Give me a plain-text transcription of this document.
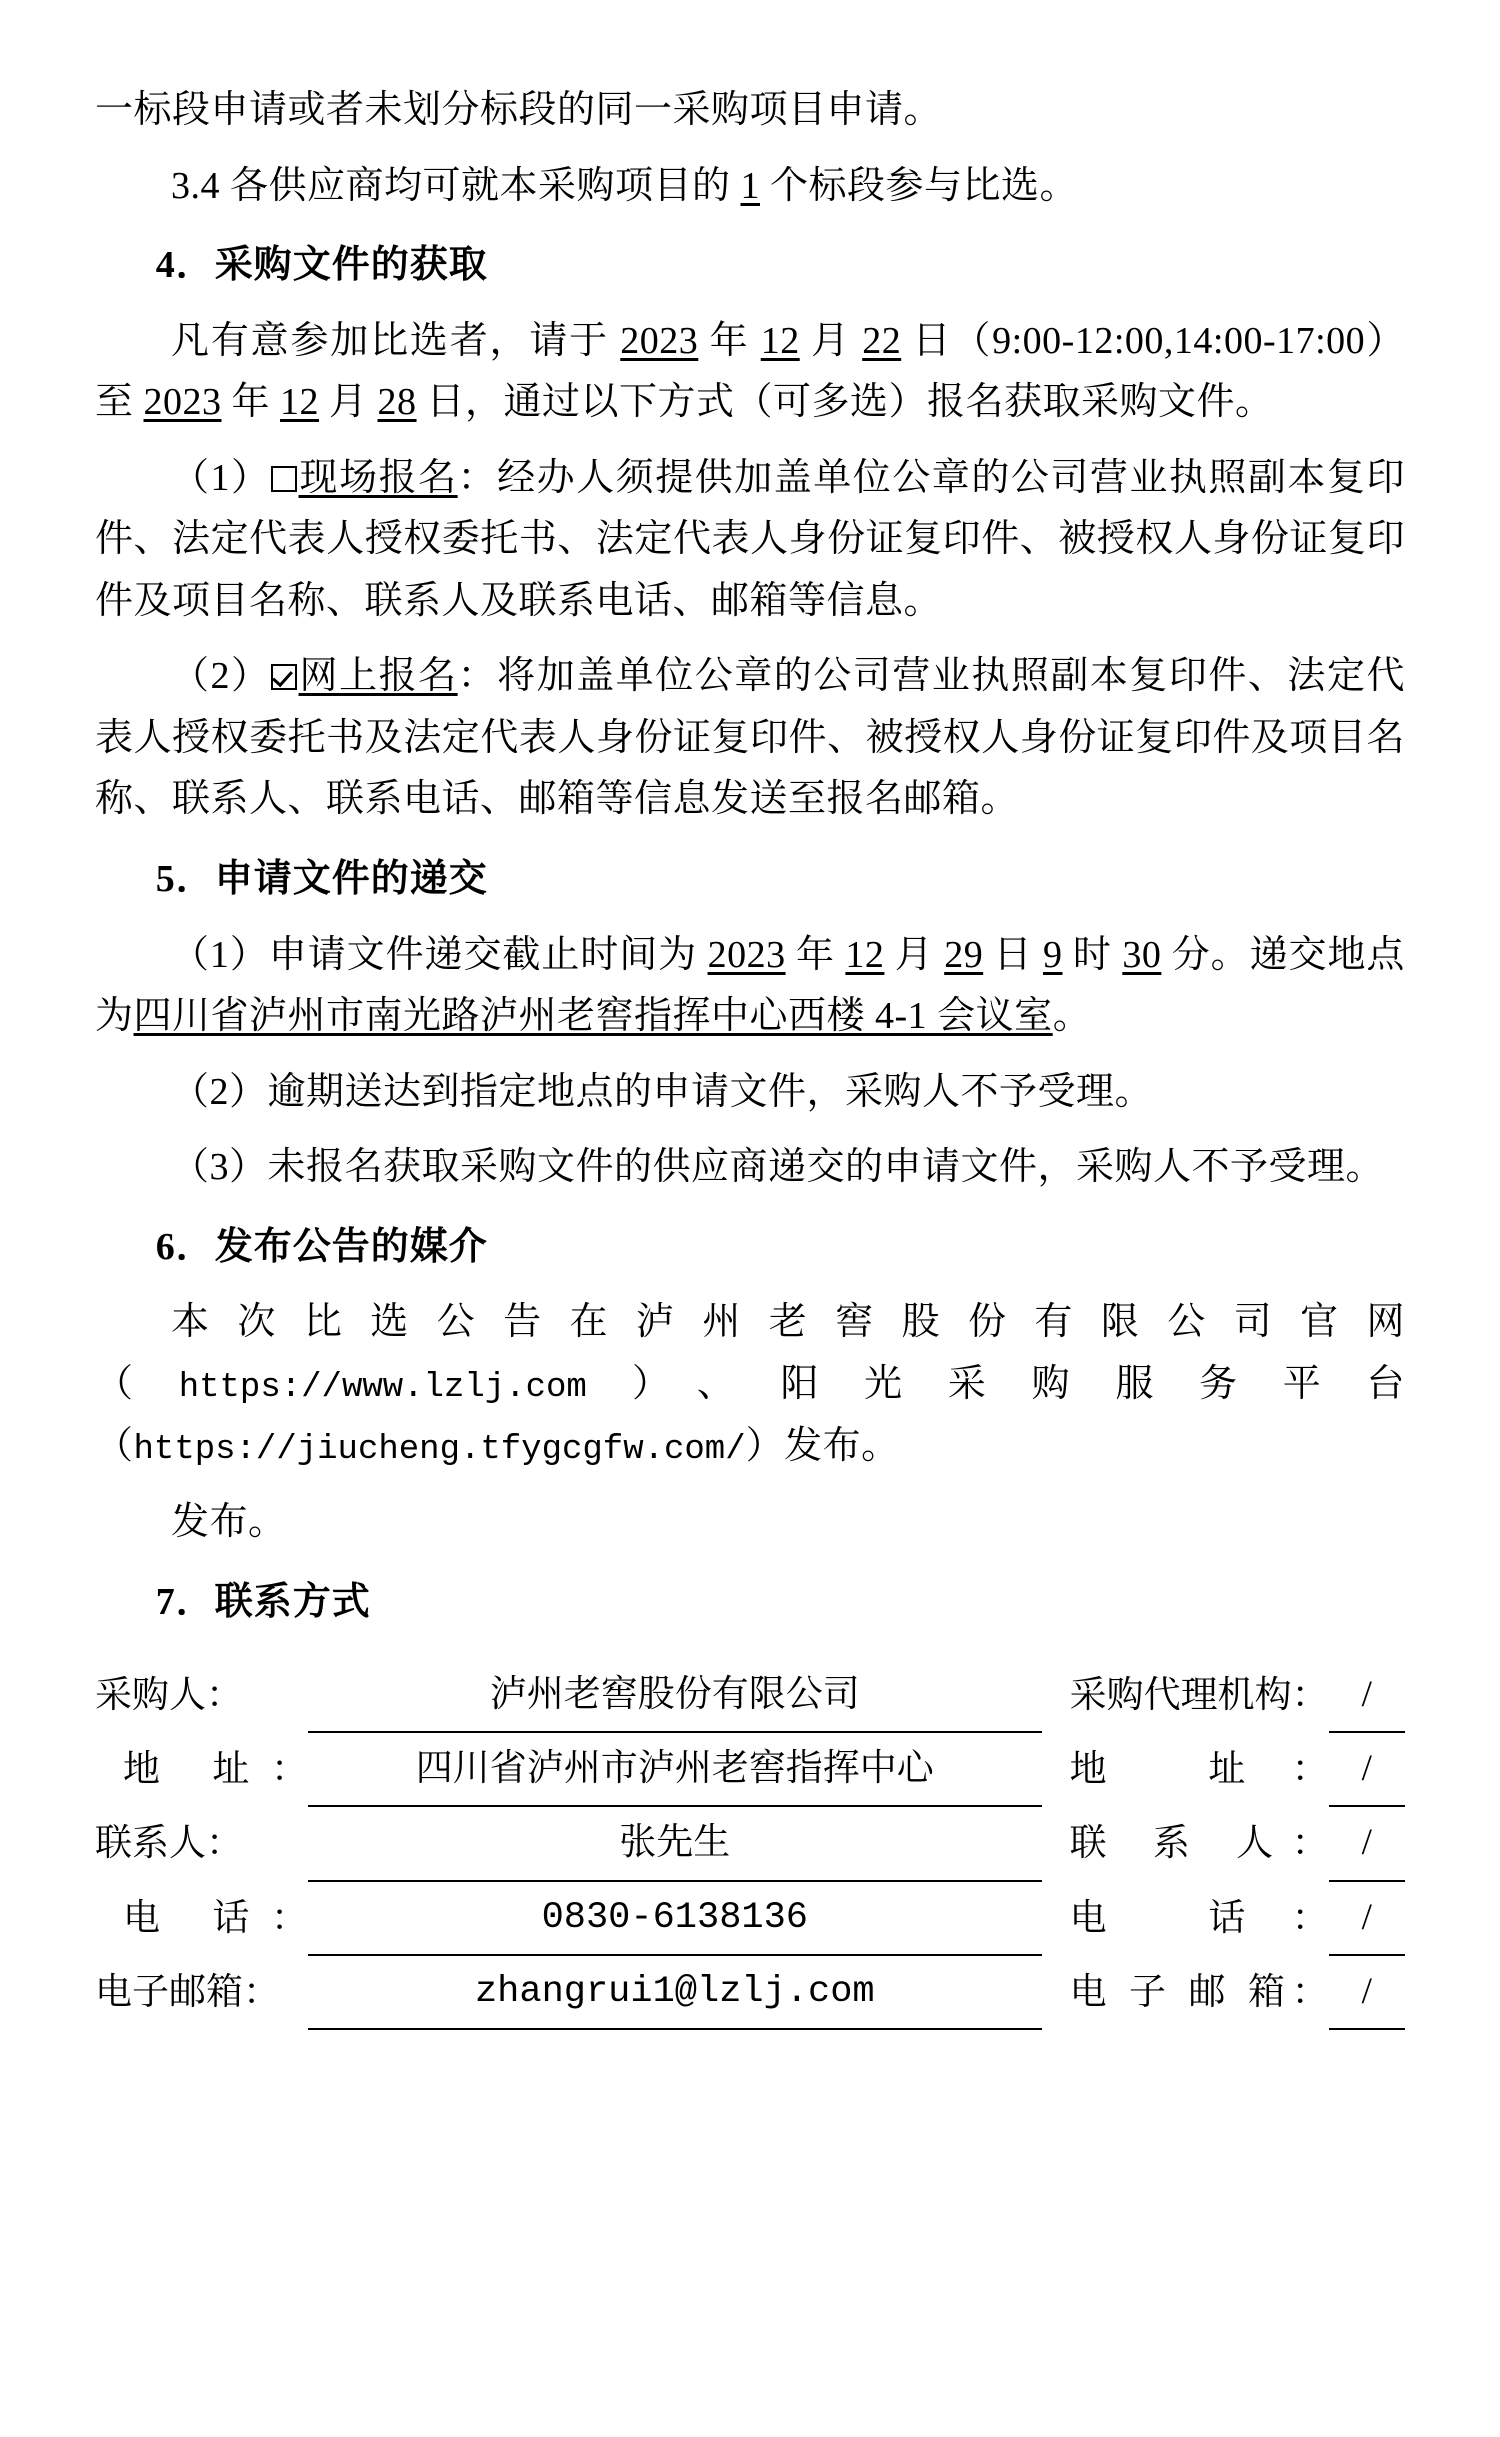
一标段申请或者未划分标段的同一采购项目申请。

3.4 各供应商均可就本采购项目的 1 个标段参与比选。

4．采购文件的获取

凡有意参加比选者，请于 2023 年 12 月 22 日（9:00-12:00,14:00-17:00）至 2023 年 12 月 28 日，通过以下方式（可多选）报名获取采购文件。

（1） 现场报名：经办人须提供加盖单位公章的公司营业执照副本复印件、法定代表人授权委托书、法定代表人身份证复印件、被授权人身份证复印件及项目名称、联系人及联系电话、邮箱等信息。

（2） 网上报名：将加盖单位公章的公司营业执照副本复印件、法定代表人授权委托书及法定代表人身份证复印件、被授权人身份证复印件及项目名称、联系人、联系电话、邮箱等信息发送至报名邮箱。

5．申请文件的递交

（1）申请文件递交截止时间为 2023 年 12 月 29 日 9 时 30 分。递交地点为四川省泸州市南光路泸州老窖指挥中心西楼 4-1 会议室。

（2）逾期送达到指定地点的申请文件，采购人不予受理。

（3）未报名获取采购文件的供应商递交的申请文件，采购人不予受理。

6．发布公告的媒介

本次比选公告在泸州老窖股份有限公司官网（https://www.lzlj.com）、阳光采购服务平台（https://jiucheng.tfygcgfw.com/）发布。

发布。

7．联系方式
采购人：	泸州老窖股份有限公司		采购代理机构：	/
地 址：	四川省泸州市泸州老窖指挥中心		地 址：	/
联系人：	张先生		联 系 人：	/
电 话：	0830-6138136		电 话：	/
电子邮箱：	zhangrui1@lzlj.com		电 子 邮 箱：	/
